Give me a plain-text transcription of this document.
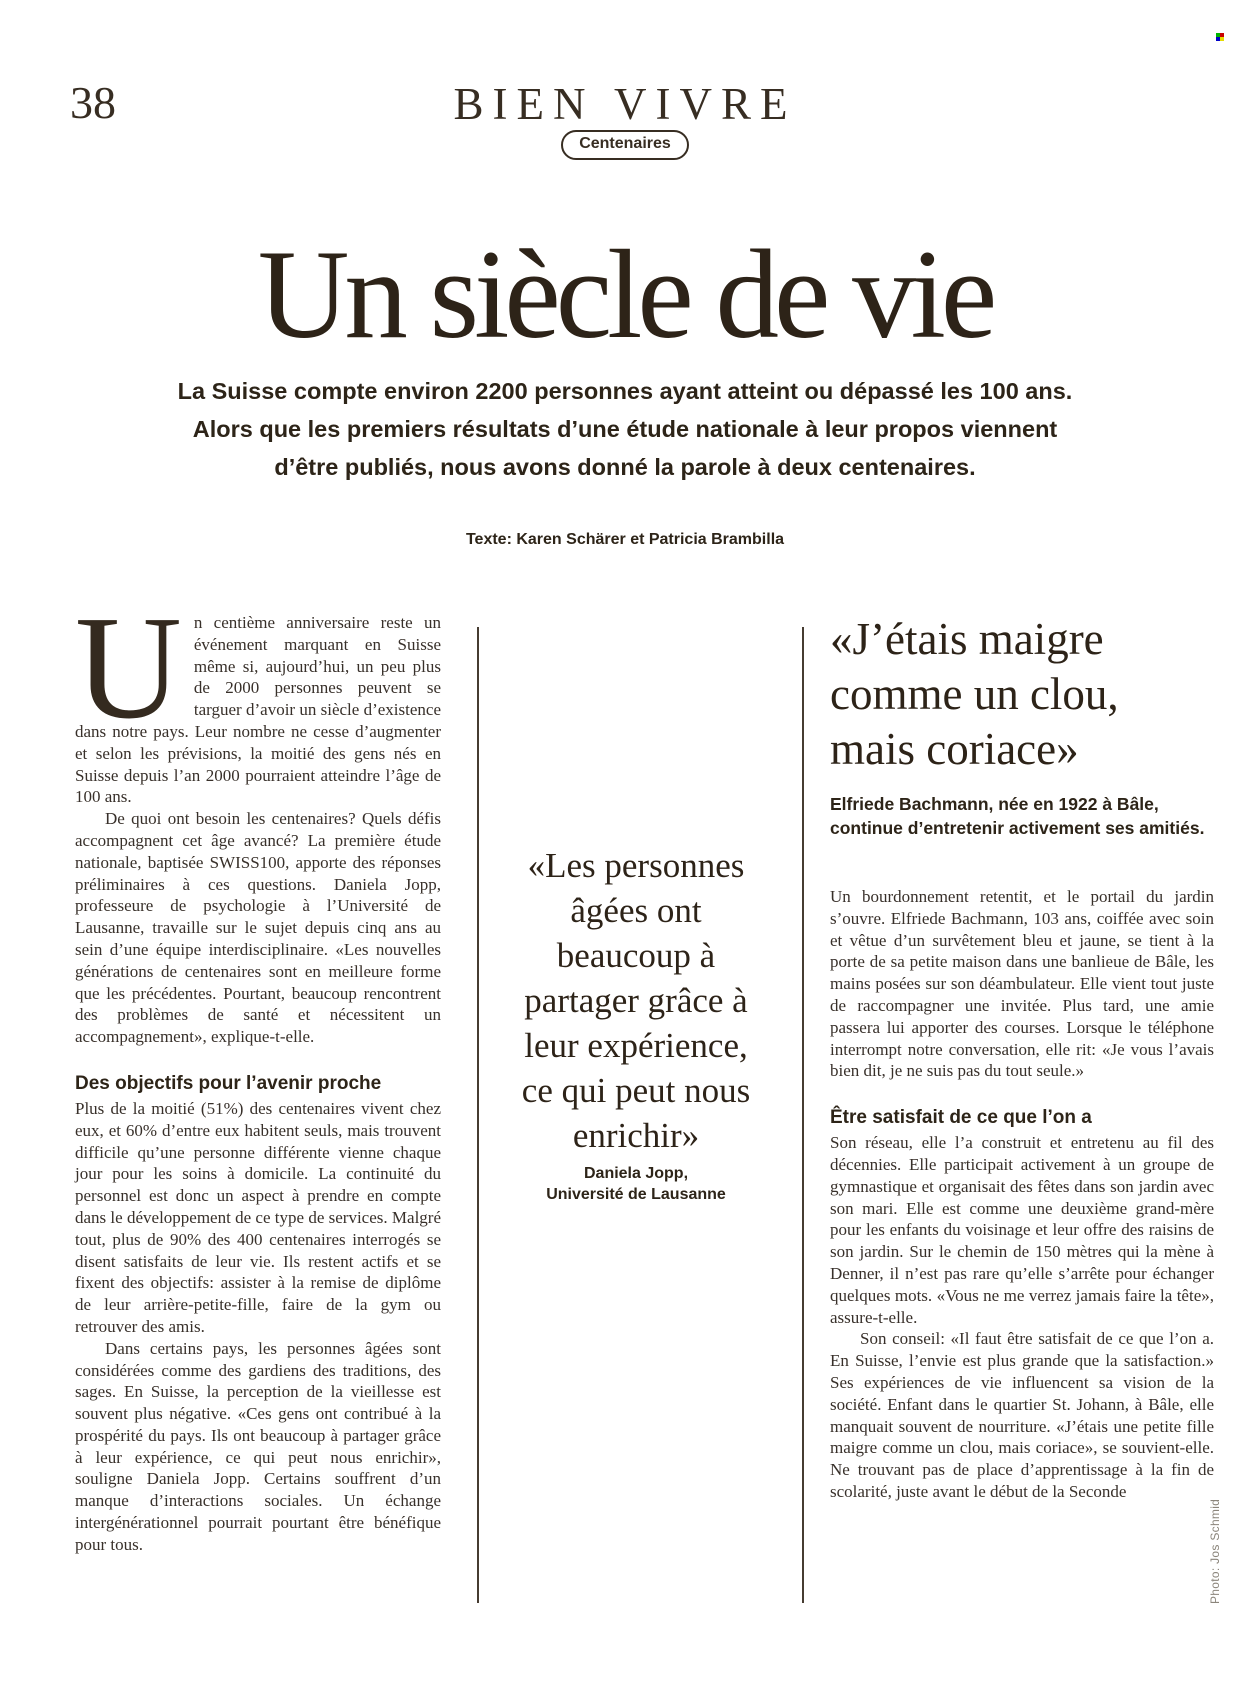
38	BIEN VIVRE
Centenaires
Un siècle de vie
La Suisse compte environ 2200 personnes ayant atteint ou dépassé les 100 ans.
Alors que les premiers résultats d’une étude nationale à leur propos viennent
d’être publiés, nous avons donné la parole à deux centenaires.
Texte: Karen Schärer et Patricia Brambilla

Un centième anniversaire reste un événement marquant en Suisse même si, aujourd’hui, un peu plus de 2000 personnes peuvent se targuer d’avoir un siècle d’existence dans notre pays. Leur nombre ne cesse d’augmenter et selon les prévisions, la moitié des gens nés en Suisse depuis l’an 2000 pourraient atteindre l’âge de 100 ans.

De quoi ont besoin les centenaires? Quels défis accompagnent cet âge avancé? La première étude nationale, baptisée SWISS100, apporte des réponses préliminaires à ces questions. Daniela Jopp, professeure de psychologie à l’Université de Lausanne, travaille sur le sujet depuis cinq ans au sein d’une équipe interdisciplinaire. «Les nouvelles générations de centenaires sont en meilleure forme que les précédentes. Pourtant, beaucoup rencontrent des problèmes de santé et nécessitent un accompagnement», explique-t-elle.

Des objectifs pour l’avenir proche

Plus de la moitié (51%) des centenaires vivent chez eux, et 60% d’entre eux habitent seuls, mais trouvent difficile qu’une personne différente vienne chaque jour pour les soins à domicile. La continuité du personnel est donc un aspect à prendre en compte dans le développement de ce type de services. Malgré tout, plus de 90% des 400 centenaires interrogés se disent satisfaits de leur vie. Ils restent actifs et se fixent des objectifs: assister à la remise de diplôme de leur arrière-petite-fille, faire de la gym ou retrouver des amis.

Dans certains pays, les personnes âgées sont considérées comme des gardiens des traditions, des sages. En Suisse, la perception de la vieillesse est souvent plus négative. «Ces gens ont contribué à la prospérité du pays. Ils ont beaucoup à partager grâce à leur expérience, ce qui peut nous enrichir», souligne Daniela Jopp. Certains souffrent d’un manque d’interactions sociales. Un échange intergénérationnel pourrait pourtant être bénéfique pour tous.

«Les personnes
âgées ont
beaucoup à
partager grâce à
leur expérience,
ce qui peut nous
enrichir»
Daniela Jopp,
Université de Lausanne

«J’étais maigre
comme un clou,
mais coriace»

Elfriede Bachmann, née en 1922 à Bâle,
continue d’entretenir activement ses amitiés.

Un bourdonnement retentit, et le portail du jardin s’ouvre. Elfriede Bachmann, 103 ans, coiffée avec soin et vêtue d’un survêtement bleu et jaune, se tient à la porte de sa petite maison dans une banlieue de Bâle, les mains posées sur son déambulateur. Elle vient tout juste de raccompagner une invitée. Plus tard, une amie passera lui apporter des courses. Lorsque le téléphone interrompt notre conversation, elle rit: «Je vous l’avais bien dit, je ne suis pas du tout seule.»

Être satisfait de ce que l’on a

Son réseau, elle l’a construit et entretenu au fil des décennies. Elle participait activement à un groupe de gymnastique et organisait des fêtes dans son jardin avec son mari. Elle est comme une deuxième grand-mère pour les enfants du voisinage et leur offre des raisins de son jardin. Sur le chemin de 150 mètres qui la mène à Denner, il n’est pas rare qu’elle s’arrête pour échanger quelques mots. «Vous ne me verrez jamais faire la tête», assure-t-elle.

Son conseil: «Il faut être satisfait de ce que l’on a. En Suisse, l’envie est plus grande que la satisfaction.» Ses expériences de vie influencent sa vision de la société. Enfant dans le quartier St. Johann, à Bâle, elle manquait souvent de nourriture. «J’étais une petite fille maigre comme un clou, mais coriace», se souvient-elle. Ne trouvant pas de place d’apprentissage à la fin de scolarité, juste avant le début de la Seconde

Photo: Jos Schmid
